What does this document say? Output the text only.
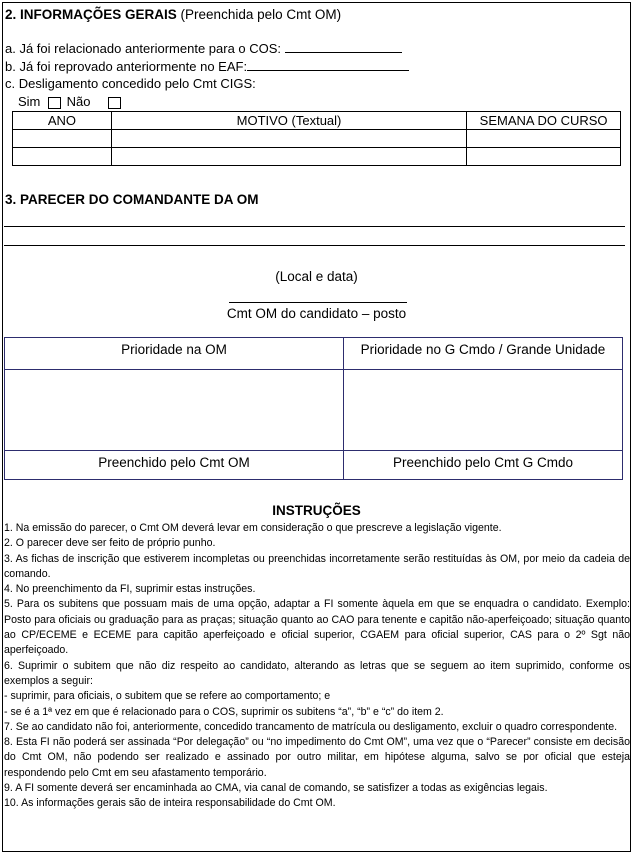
2. INFORMAÇÕES GERAIS (Preenchida pelo Cmt OM)
a. Já foi relacionado anteriormente para o COS:
b. Já foi reprovado anteriormente no EAF:
c. Desligamento concedido pelo Cmt CIGS:
Sim Não
ANO	MOTIVO (Textual)	SEMANA DO CURSO

3. PARECER DO COMANDANTE DA OM
(Local e data)
Cmt OM do candidato – posto
Prioridade na OM	Prioridade no G Cmdo / Grande Unidade
Preenchido pelo Cmt OM	Preenchido pelo Cmt G Cmdo
INSTRUÇÕES

1. Na emissão do parecer, o Cmt OM deverá levar em consideração o que prescreve a legislação vigente.

2. O parecer deve ser feito de próprio punho.

3. As fichas de inscrição que estiverem incompletas ou preenchidas incorretamente serão restituídas às OM, por meio da cadeia de comando.

4. No preenchimento da FI, suprimir estas instruções.

5. Para os subitens que possuam mais de uma opção, adaptar a FI somente àquela em que se enquadra o candidato. Exemplo: Posto para oficiais ou graduação para as praças; situação quanto ao CAO para tenente e capitão não-aperfeiçoado; situação quanto ao CP/ECEME e ECEME para capitão aperfeiçoado e oficial superior, CGAEM para oficial superior, CAS para o 2º Sgt não aperfeiçoado.

6. Suprimir o subitem que não diz respeito ao candidato, alterando as letras que se seguem ao item suprimido, conforme os exemplos a seguir:

- suprimir, para oficiais, o subitem que se refere ao comportamento; e

- se é a 1ª vez em que é relacionado para o COS, suprimir os subitens “a”, “b” e “c” do item 2.

7. Se ao candidato não foi, anteriormente, concedido trancamento de matrícula ou desligamento, excluir o quadro correspondente.

8. Esta FI não poderá ser assinada “Por delegação” ou “no impedimento do Cmt OM”, uma vez que o “Parecer” consiste em decisão do Cmt OM, não podendo ser realizado e assinado por outro militar, em hipótese alguma, salvo se por oficial que esteja respondendo pelo Cmt em seu afastamento temporário.

9. A FI somente deverá ser encaminhada ao CMA, via canal de comando, se satisfizer a todas as exigências legais.

10. As informações gerais são de inteira responsabilidade do Cmt OM.
